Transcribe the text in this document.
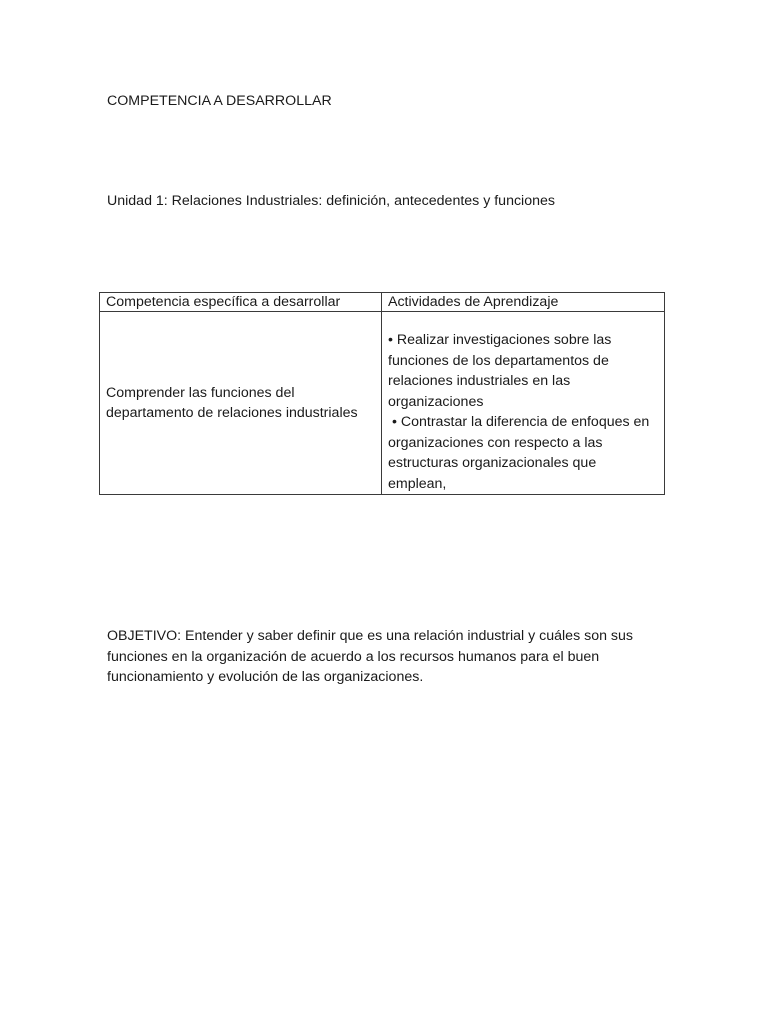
COMPETENCIA A DESARROLLAR
Unidad 1: Relaciones Industriales: definición, antecedentes y funciones
Competencia específica a desarrollar	Actividades de Aprendizaje
Comprender las funciones del departamento de relaciones industriales	• Realizar investigaciones sobre las funciones de los departamentos de relaciones industriales en las organizaciones
• Contrastar la diferencia de enfoques en organizaciones con respecto a las estructuras organizacionales que emplean,
OBJETIVO: Entender y saber definir que es una relación industrial y cuáles son sus funciones en la organización de acuerdo a los recursos humanos para el buen funcionamiento y evolución de las organizaciones.
